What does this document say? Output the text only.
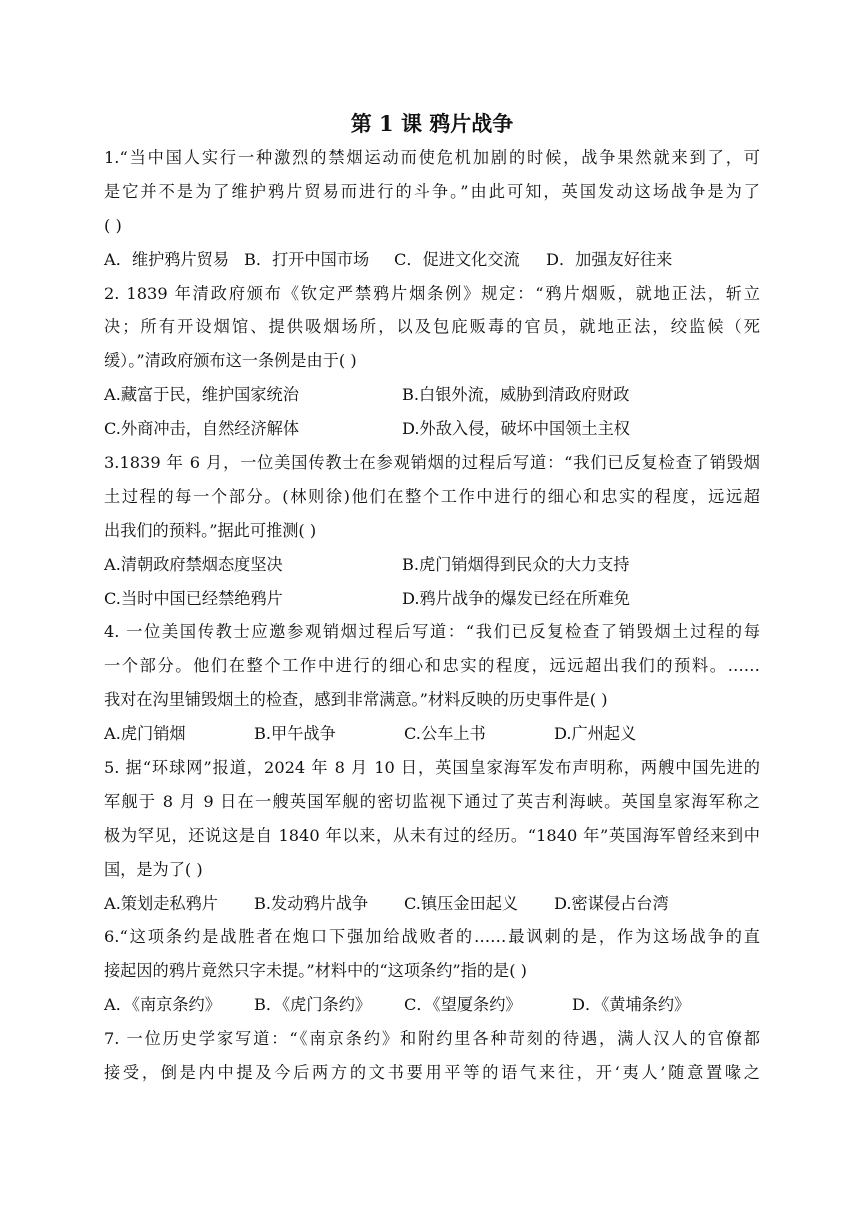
第 1 课 鸦片战争
1.“当中国人实行一种激烈的禁烟运动而使危机加剧的时候，战争果然就来到了，可
是它并不是为了维护鸦片贸易而进行的斗争。”由此可知，英国发动这场战争是为了
( )
A．维护鸦片贸易 B．打开中国市场	C．促进文化交流	D．加强友好往来
2. 1839 年清政府颁布《钦定严禁鸦片烟条例》规定：“鸦片烟贩，就地正法，斩立
决；所有开设烟馆、提供吸烟场所，以及包庇贩毒的官员，就地正法，绞监候（死
缓）。”清政府颁布这一条例是由于( )
A.藏富于民，维护国家统治	B.白银外流，威胁到清政府财政
C.外商冲击，自然经济解体	D.外敌入侵，破坏中国领土主权
3.1839 年 6 月，一位美国传教士在参观销烟的过程后写道：“我们已反复检查了销毁烟
土过程的每一个部分。(林则徐)他们在整个工作中进行的细心和忠实的程度，远远超
出我们的预料。”据此可推测( )
A.清朝政府禁烟态度坚决	B.虎门销烟得到民众的大力支持
C.当时中国已经禁绝鸦片	D.鸦片战争的爆发已经在所难免
4. 一位美国传教士应邀参观销烟过程后写道：“我们已反复检查了销毁烟土过程的每
一个部分。他们在整个工作中进行的细心和忠实的程度，远远超出我们的预料。……
我对在沟里铺毁烟土的检查，感到非常满意。”材料反映的历史事件是( )
A.虎门销烟	B.甲午战争	C.公车上书	D.广州起义
5. 据“环球网”报道，2024 年 8 月 10 日，英国皇家海军发布声明称，两艘中国先进的
军舰于 8 月 9 日在一艘英国军舰的密切监视下通过了英吉利海峡。英国皇家海军称之
极为罕见，还说这是自 1840 年以来，从未有过的经历。“1840 年”英国海军曾经来到中
国，是为了( )
A.策划走私鸦片	B.发动鸦片战争	C.镇压金田起义	D.密谋侵占台湾
6.“这项条约是战胜者在炮口下强加给战败者的……最讽刺的是，作为这场战争的直
接起因的鸦片竟然只字未提。”材料中的“这项条约”指的是( )
A．《南京条约》	B．《虎门条约》	C．《望厦条约》	D．《黄埔条约》
7. 一位历史学家写道：“《南京条约》和附约里各种苛刻的待遇，满人汉人的官僚都
接受，倒是内中提及今后两方的文书要用平等的语气来往，开‘夷人’随意置喙之
